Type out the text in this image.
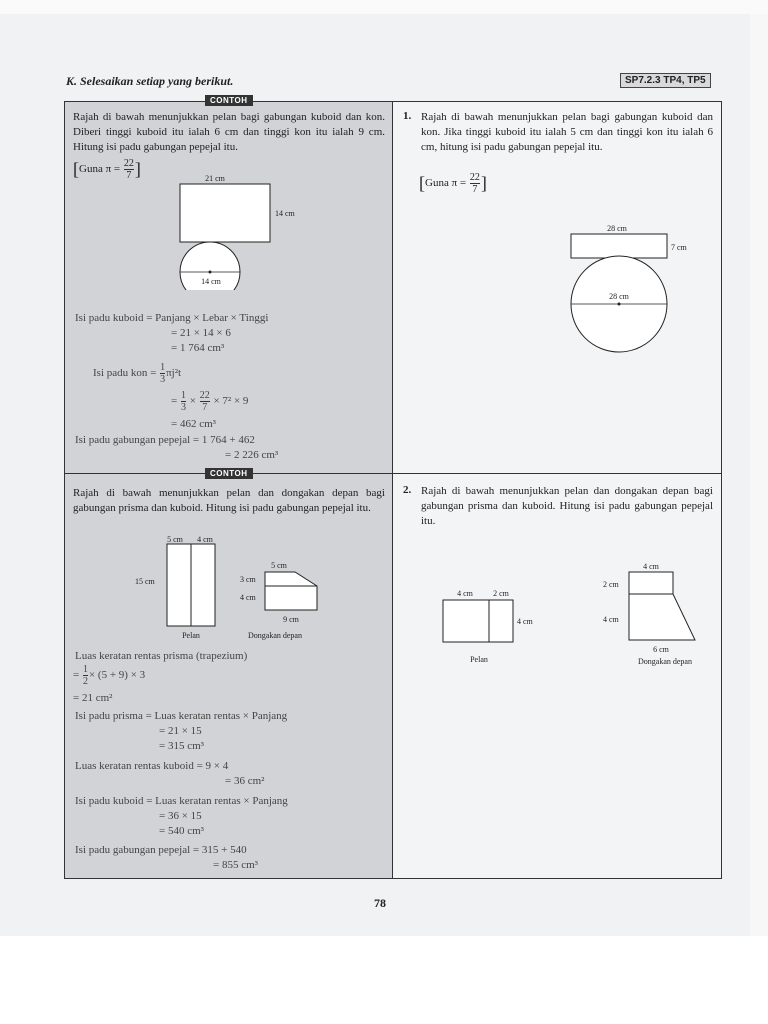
K. Selesaikan setiap yang berikut.	SP7.2.3 TP4, TP5
Rajah di bawah menunjukkan pelan bagi gabungan kuboid dan kon. Diberi tinggi kuboid itu ialah 6 cm dan tinggi kon itu ialah 9 cm. Hitung isi padu gabungan pepejal itu.
[Guna $\pi = \frac{22}{7}$ ]	21 cm
14 cm
14 cm
Isi padu kuboid = Panjang × Lebar × Tinggi
= 21 × 14 × 6
= 1 764 cm³
Isi padu kon = $\frac{1}{3} \pi j^2t$
= $\frac{1}{3} \times \frac{22}{7} \times 7^2 \times 9$
= 462 cm³
Isi padu gabungan pepejal = 1 764 + 462
= 2 226 cm³
1. Rajah di bawah menunjukkan pelan bagi gabungan kuboid dan kon. Jika tinggi kuboid itu ialah 5 cm dan tinggi kon itu ialah 6 cm, hitung isi padu gabungan pepejal itu.
[Guna $\pi = \frac{22}{7}$ ]
28 cm
7 cm
28 cm
Rajah di bawah menunjukkan pelan dan dongakan depan bagi gabungan prisma dan kuboid. Hitung isi padu gabungan pepejal itu.
5 cm 4 cm
15 cm
Pelan
5 cm
3 cm
4 cm
9 cm
Dongakan depan
Luas keratan rentas prisma (trapezium)
= $\frac{1}{2} \times (5 + 9) \times 3$
= 21 cm²
Isi padu prisma = Luas keratan rentas × Panjang
= 21 × 15
= 315 cm³
Luas keratan rentas kuboid = 9 × 4
= 36 cm²
Isi padu kuboid = Luas keratan rentas × Panjang
= 36 × 15
= 540 cm³
Isi padu gabungan pepejal = 315 + 540
= 855 cm³
2. Rajah di bawah menunjukkan pelan dan dongakan depan bagi gabungan prisma dan kuboid. Hitung isi padu gabungan pepejal itu.
4 cm	2 cm
4 cm
Pelan
4 cm
2 cm
4 cm
6 cm
Dongakan depan
CONTOH
CONTOH
78
